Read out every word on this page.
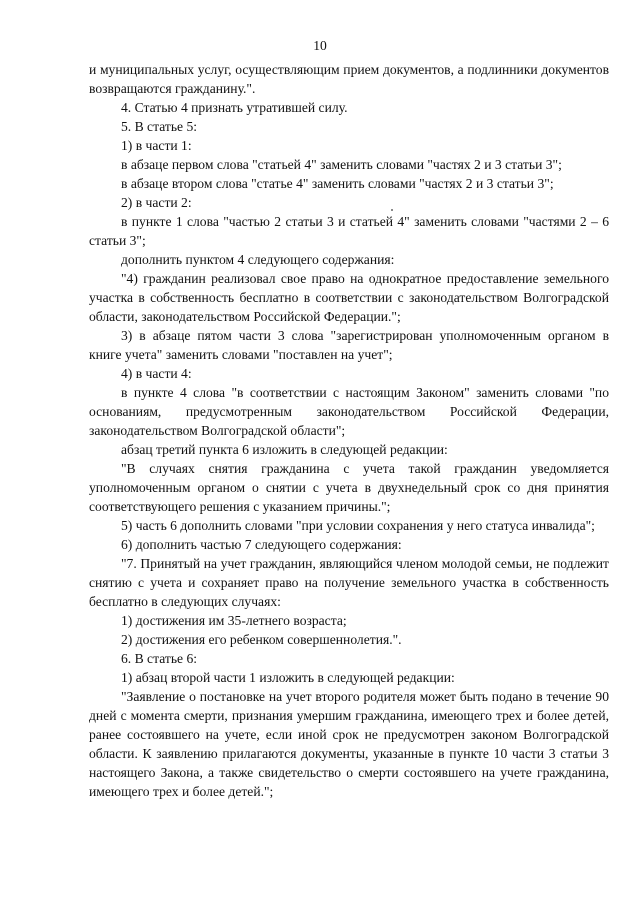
10

и муниципальных услуг, осуществляющим прием документов, а подлинники документов возвращаются гражданину.".

4. Статью 4 признать утратившей силу.

5. В статье 5:

1) в части 1:

в абзаце первом слова "статьей 4" заменить словами "частях 2 и 3 статьи 3";

в абзаце втором слова "статье 4" заменить словами "частях 2 и 3 статьи 3";

2) в части 2:

в пункте 1 слова "частью 2 статьи 3 и статьей 4" заменить словами "частями 2 – 6 статьи 3";

дополнить пунктом 4 следующего содержания:

"4) гражданин реализовал свое право на однократное предоставление земельного участка в собственность бесплатно в соответствии с законодательством Волгоградской области, законодательством Российской Федерации.";

3) в абзаце пятом части 3 слова "зарегистрирован уполномоченным органом в книге учета" заменить словами "поставлен на учет";

4) в части 4:

в пункте 4 слова "в соответствии с настоящим Законом" заменить словами "по основаниям, предусмотренным законодательством Российской Федерации, законодательством Волгоградской области";

абзац третий пункта 6 изложить в следующей редакции:

"В случаях снятия гражданина с учета такой гражданин уведомляется уполномоченным органом о снятии с учета в двухнедельный срок со дня принятия соответствующего решения с указанием причины.";

5) часть 6 дополнить словами "при условии сохранения у него статуса инвалида";

6) дополнить частью 7 следующего содержания:

"7. Принятый на учет гражданин, являющийся членом молодой семьи, не подлежит снятию с учета и сохраняет право на получение земельного участка в собственность бесплатно в следующих случаях:

1) достижения им 35-летнего возраста;

2) достижения его ребенком совершеннолетия.".

6. В статье 6:

1) абзац второй части 1 изложить в следующей редакции:

"Заявление о постановке на учет второго родителя может быть подано в течение 90 дней с момента смерти, признания умершим гражданина, имеющего трех и более детей, ранее состоявшего на учете, если иной срок не предусмотрен законом Волгоградской области. К заявлению прилагаются документы, указанные в пункте 10 части 3 статьи 3 настоящего Закона, а также свидетельство о смерти состоявшего на учете гражданина, имеющего трех и более детей.";
